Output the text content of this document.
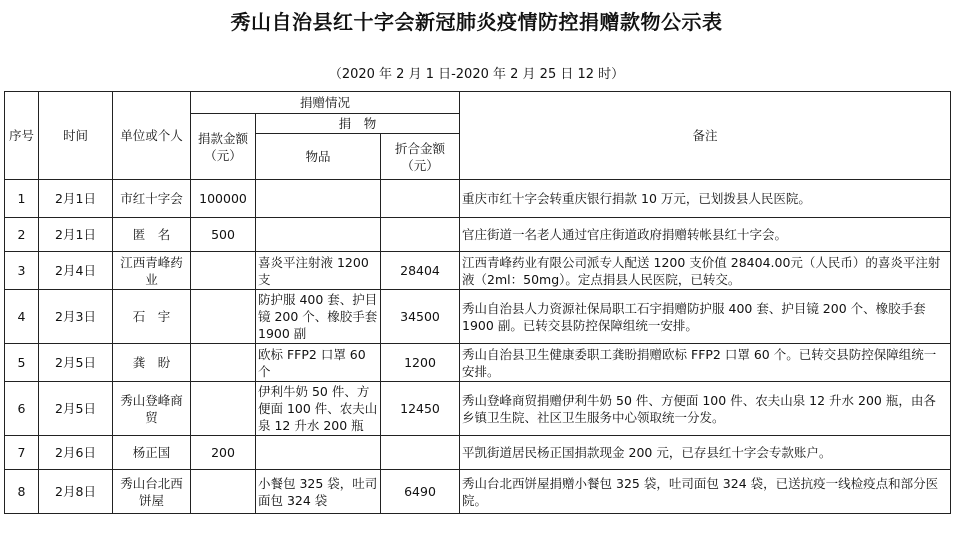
秀山自治县红十字会新冠肺炎疫情防控捐赠款物公示表
（2020 年 2 月 1 日-2020 年 2 月 25 日 12 时）
序号	时间	单位或个人	捐赠情况			备注
			捐款金额（元）	捐　物		
				物品	折合金额（元）	
1	2月1日	市红十字会	100000			重庆市红十字会转重庆银行捐款 10 万元，已划拨县人民医院。
2	2月1日	匿　名	500			官庄街道一名老人通过官庄街道政府捐赠转帐县红十字会。
3	2月4日	江西青峰药业		喜炎平注射液 1200 支	28404	江西青峰药业有限公司派专人配送 1200 支价值 28404.00元（人民币）的喜炎平注射液（2ml：50mg）。定点捐县人民医院，已转交。
4	2月3日	石　宇		防护服 400 套、护目镜 200 个、橡胶手套 1900 副	34500	秀山自治县人力资源社保局职工石宇捐赠防护服 400 套、护目镜 200 个、橡胶手套 1900 副。已转交县防控保障组统一安排。
5	2月5日	龚　盼		欧标 FFP2 口罩 60 个	1200	秀山自治县卫生健康委职工龚盼捐赠欧标 FFP2 口罩 60 个。已转交县防控保障组统一安排。
6	2月5日	秀山登峰商贸		伊利牛奶 50 件、方便面 100 件、农夫山泉 12 升水 200 瓶	12450	秀山登峰商贸捐赠伊利牛奶 50 件、方便面 100 件、农夫山泉 12 升水 200 瓶，由各乡镇卫生院、社区卫生服务中心领取统一分发。
7	2月6日	杨正国	200			平凯街道居民杨正国捐款现金 200 元，已存县红十字会专款账户。
8	2月8日	秀山台北西饼屋		小餐包 325 袋，吐司面包 324 袋	6490	秀山台北西饼屋捐赠小餐包 325 袋，吐司面包 324 袋，已送抗疫一线检疫点和部分医院。
